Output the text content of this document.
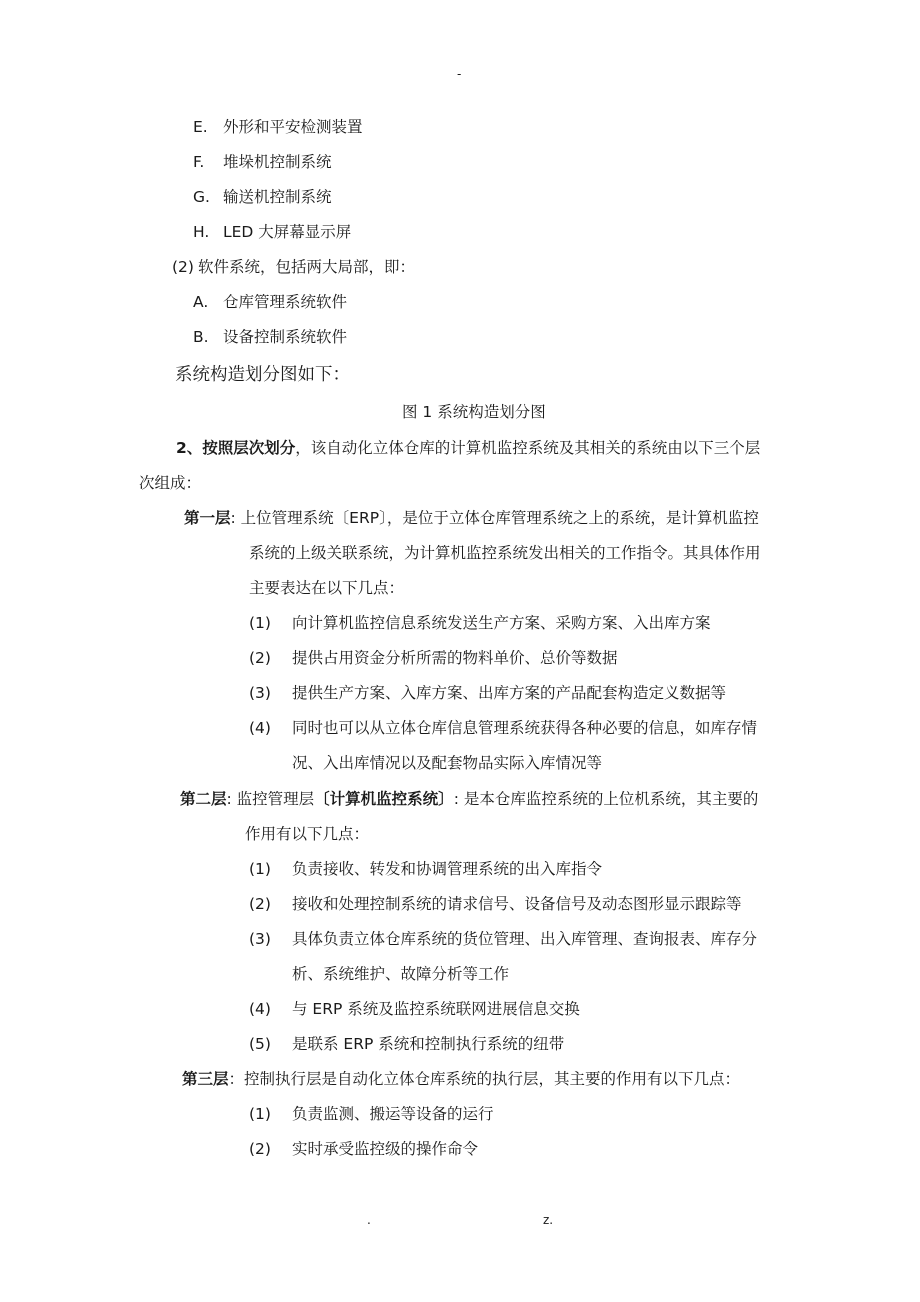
-
E. 外形和平安检测装置
F. 堆垛机控制系统
G. 输送机控制系统
H. LED 大屏幕显示屏
(2) 软件系统，包括两大局部，即：
A. 仓库管理系统软件
B. 设备控制系统软件
系统构造划分图如下：
图 1 系统构造划分图
2、按照层次划分，该自动化立体仓库的计算机监控系统及其相关的系统由以下三个层
次组成：
第一层: 上位管理系统〔ERP〕，是位于立体仓库管理系统之上的系统，是计算机监控
系统的上级关联系统，为计算机监控系统发出相关的工作指令。其具体作用
主要表达在以下几点：
(1) 向计算机监控信息系统发送生产方案、采购方案、入出库方案
(2) 提供占用资金分析所需的物料单价、总价等数据
(3) 提供生产方案、入库方案、出库方案的产品配套构造定义数据等
(4) 同时也可以从立体仓库信息管理系统获得各种必要的信息，如库存情
况、入出库情况以及配套物品实际入库情况等
第二层: 监控管理层〔计算机监控系统〕: 是本仓库监控系统的上位机系统，其主要的
作用有以下几点：
(1) 负责接收、转发和协调管理系统的出入库指令
(2) 接收和处理控制系统的请求信号、设备信号及动态图形显示跟踪等
(3) 具体负责立体仓库系统的货位管理、出入库管理、查询报表、库存分
析、系统维护、故障分析等工作
(4) 与 ERP 系统及监控系统联网进展信息交换
(5) 是联系 ERP 系统和控制执行系统的纽带
第三层：控制执行层是自动化立体仓库系统的执行层，其主要的作用有以下几点：
(1) 负责监测、搬运等设备的运行
(2) 实时承受监控级的操作命令
.	z.
